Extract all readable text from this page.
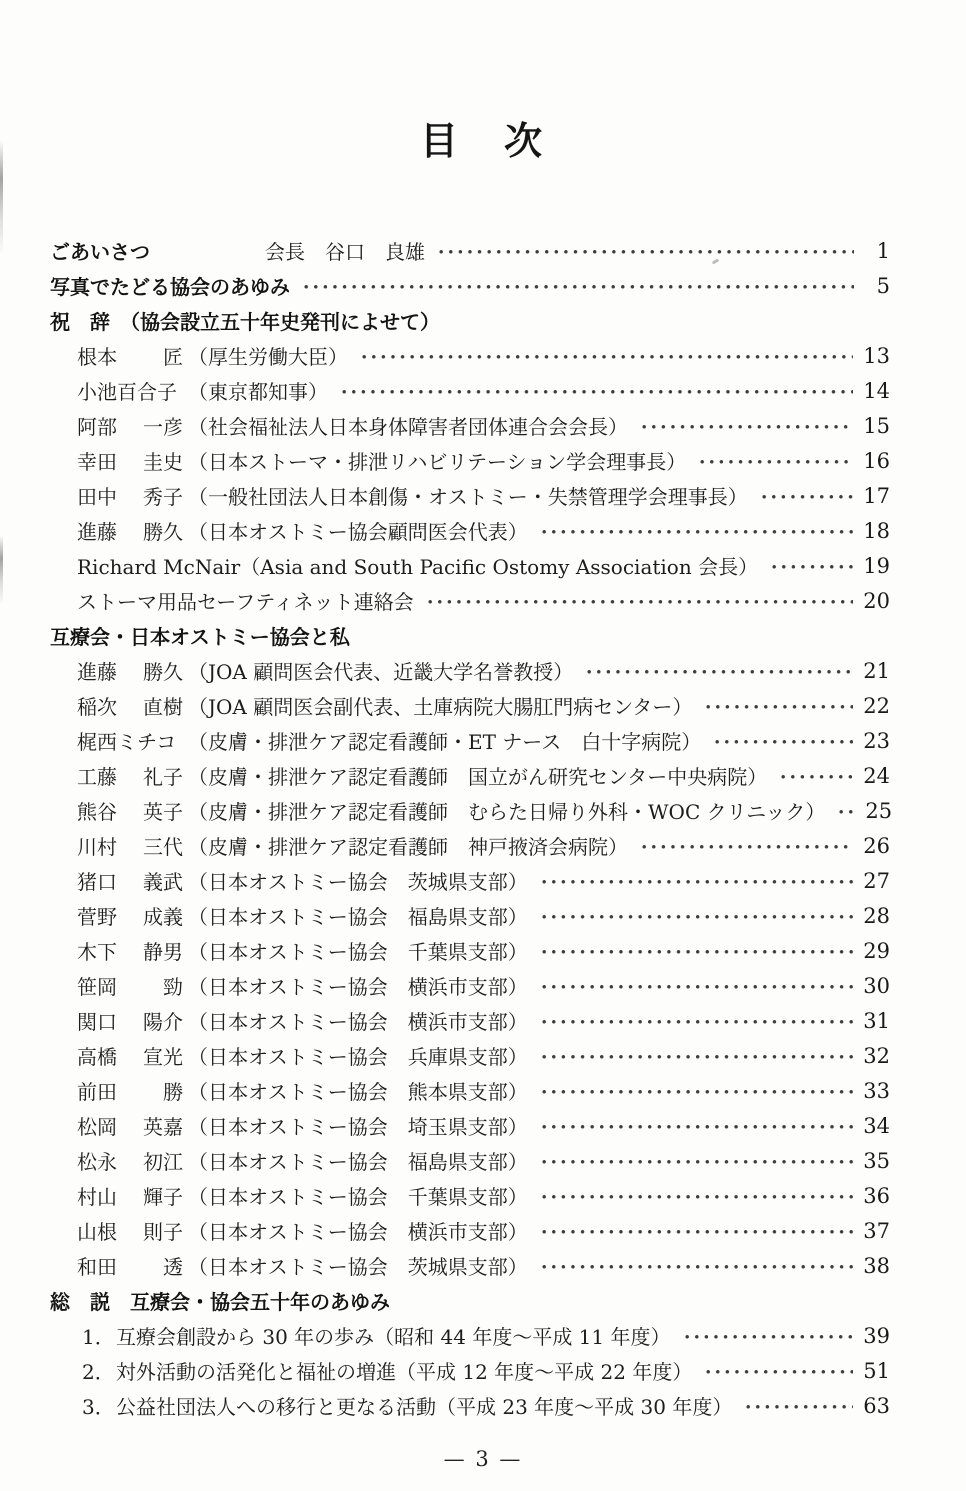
目　次
ごあいさつ	会長　谷口　良雄	1
写真でたどる協会のあゆみ	5
祝　辞　（協会設立五十年史発刊によせて）
根本 匠 （厚生労働大臣）	13
小池百合子 （東京都知事）	14
阿部 一彦 （社会福祉法人日本身体障害者団体連合会会長）	15
幸田 圭史 （日本ストーマ・排泄リハビリテーション学会理事長）	16
田中 秀子 （一般社団法人日本創傷・オストミー・失禁管理学会理事長）	17
進藤 勝久 （日本オストミー協会顧問医会代表）	18
Richard McNair（Asia and South Pacific Ostomy Association 会長）	19
ストーマ用品セーフティネット連絡会	20
互療会・日本オストミー協会と私
進藤 勝久 （JOA 顧問医会代表、近畿大学名誉教授）	21
稲次 直樹 （JOA 顧問医会副代表、土庫病院大腸肛門病センター）	22
梶西ミチコ （皮膚・排泄ケア認定看護師・ET ナース　白十字病院）	23
工藤 礼子 （皮膚・排泄ケア認定看護師　国立がん研究センター中央病院）	24
熊谷 英子 （皮膚・排泄ケア認定看護師　むらた日帰り外科・WOC クリニック） 25
川村 三代 （皮膚・排泄ケア認定看護師　神戸掖済会病院）	26
猪口 義武 （日本オストミー協会　茨城県支部）	27
菅野 成義 （日本オストミー協会　福島県支部）	28
木下 静男 （日本オストミー協会　千葉県支部）	29
笹岡 勁 （日本オストミー協会　横浜市支部）	30
関口 陽介 （日本オストミー協会　横浜市支部）	31
高橋 宣光 （日本オストミー協会　兵庫県支部）	32
前田 勝 （日本オストミー協会　熊本県支部）	33
松岡 英嘉 （日本オストミー協会　埼玉県支部）	34
松永 初江 （日本オストミー協会　福島県支部）	35
村山 輝子 （日本オストミー協会　千葉県支部）	36
山根 則子 （日本オストミー協会　横浜市支部）	37
和田 透 （日本オストミー協会　茨城県支部）	38
総　説　互療会・協会五十年のあゆみ
1． 互療会創設から 30 年の歩み（昭和 44 年度～平成 11 年度）	39
2． 対外活動の活発化と福祉の増進（平成 12 年度～平成 22 年度）	51
3． 公益社団法人への移行と更なる活動（平成 23 年度～平成 30 年度）	63
— 3 —
